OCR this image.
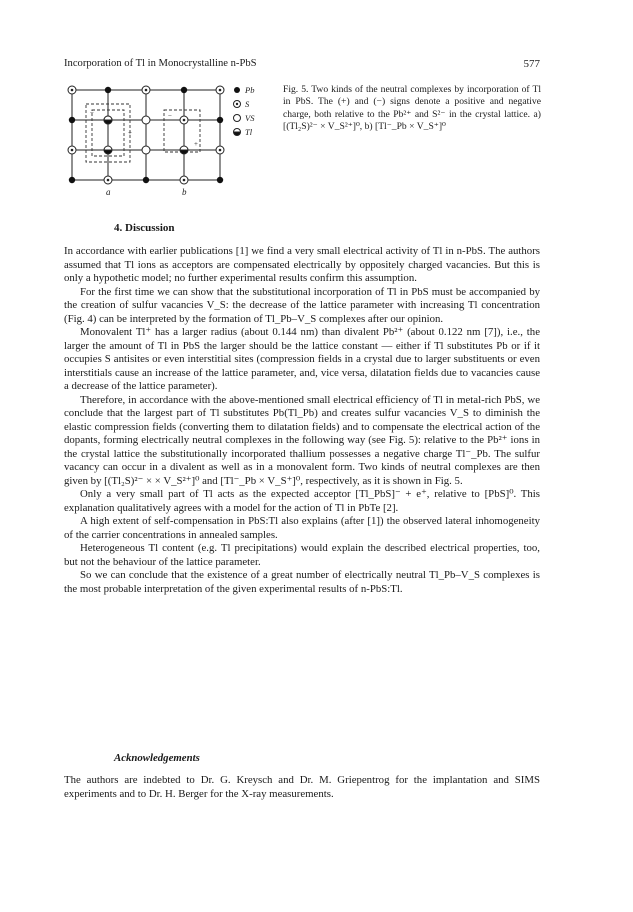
Incorporation of Tl in Monocrystalline n-PbS	577
−
+
−
+
a	b
Pb
S
VS
Tl
Fig. 5. Two kinds of the neutral complexes by incorporation of Tl in PbS. The (+) and (−) signs denote a positive and negative charge, both relative to the Pb²⁺ and S²⁻ in the crystal lattice. a) [(Tl₂S)²⁻ × V_S²⁺]⁰, b) [Tl⁻_Pb × V_S⁺]⁰
4. Discussion

In accordance with earlier publications [1] we find a very small electrical activity of Tl in n-PbS. The authors assumed that Tl ions as acceptors are compensated electrically by oppositely charged vacancies. But this is only a hypothetic model; no further experimental results confirm this assumption.

For the first time we can show that the substitutional incorporation of Tl in PbS must be accompanied by the creation of sulfur vacancies V_S: the decrease of the lattice parameter with increasing Tl concentration (Fig. 4) can be interpreted by the formation of Tl_Pb–V_S complexes after our opinion.

Monovalent Tl⁺ has a larger radius (about 0.144 nm) than divalent Pb²⁺ (about 0.122 nm [7]), i.e., the larger the amount of Tl in PbS the larger should be the lattice constant — either if Tl substitutes Pb or if it occupies S antisites or even interstitial sites (compression fields in a crystal due to larger substituents or even interstitials cause an increase of the lattice parameter, and, vice versa, dilatation fields due to vacancies cause a decrease of the lattice parameter).

Therefore, in accordance with the above-mentioned small electrical efficiency of Tl in metal-rich PbS, we conclude that the largest part of Tl substitutes Pb(Tl_Pb) and creates sulfur vacancies V_S to diminish the elastic compression fields (converting them to dilatation fields) and to compensate the electrical action of the dopants, forming electrically neutral complexes in the following way (see Fig. 5): relative to the Pb²⁺ ions in the crystal lattice the substitutionally incorporated thallium possesses a negative charge Tl⁻_Pb. The sulfur vacancy can occur in a divalent as well as in a monovalent form. Two kinds of neutral complexes are then given by [(Tl₂S)²⁻ × × V_S²⁺]⁰ and [Tl⁻_Pb × V_S⁺]⁰, respectively, as it is shown in Fig. 5.

Only a very small part of Tl acts as the expected acceptor [Tl_PbS]⁻ + e⁺, relative to [PbS]⁰. This explanation qualitatively agrees with a model for the action of Tl in PbTe [2].

A high extent of self-compensation in PbS:Tl also explains (after [1]) the observed lateral inhomogeneity of the carrier concentrations in annealed samples.

Heterogeneous Tl content (e.g. Tl precipitations) would explain the described electrical properties, too, but not the behaviour of the lattice parameter.

So we can conclude that the existence of a great number of electrically neutral Tl_Pb–V_S complexes is the most probable interpretation of the given experimental results of n-PbS:Tl.

Acknowledgements
The authors are indebted to Dr. G. Kreysch and Dr. M. Griepentrog for the implantation and SIMS experiments and to Dr. H. Berger for the X-ray measurements.
